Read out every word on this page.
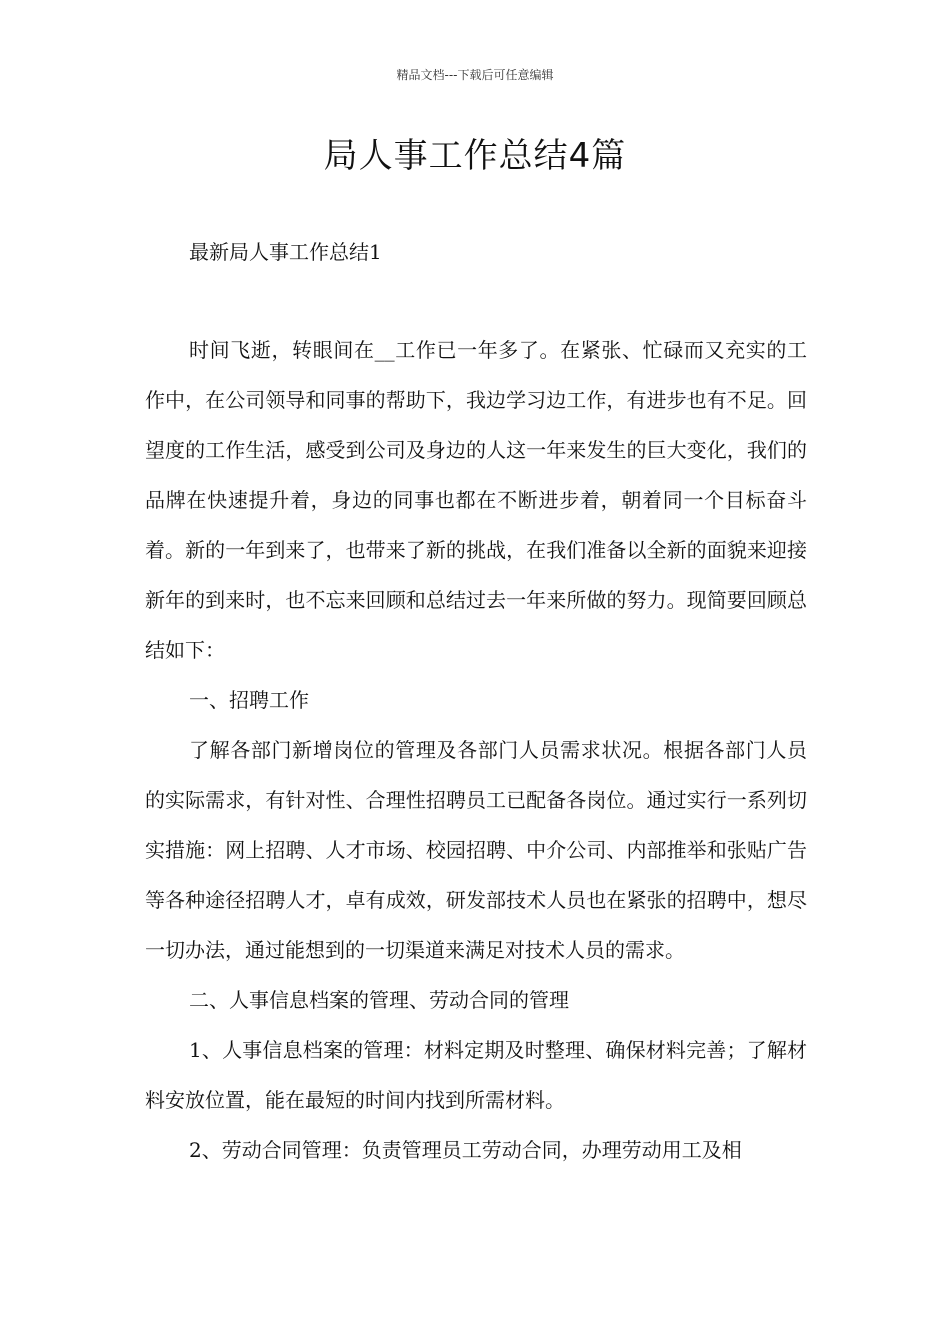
精品文档---下载后可任意编辑
局人事工作总结4篇
最新局人事工作总结1

时间飞逝，转眼间在__工作已一年多了。在紧张、忙碌而又充实的工作中，在公司领导和同事的帮助下，我边学习边工作，有进步也有不足。回望度的工作生活，感受到公司及身边的人这一年来发生的巨大变化，我们的品牌在快速提升着，身边的同事也都在不断进步着，朝着同一个目标奋斗着。新的一年到来了，也带来了新的挑战，在我们准备以全新的面貌来迎接新年的到来时，也不忘来回顾和总结过去一年来所做的努力。现简要回顾总结如下：

一、招聘工作

了解各部门新增岗位的管理及各部门人员需求状况。根据各部门人员的实际需求，有针对性、合理性招聘员工已配备各岗位。通过实行一系列切实措施：网上招聘、人才市场、校园招聘、中介公司、内部推举和张贴广告等各种途径招聘人才，卓有成效，研发部技术人员也在紧张的招聘中，想尽一切办法，通过能想到的一切渠道来满足对技术人员的需求。

二、人事信息档案的管理、劳动合同的管理

1、人事信息档案的管理：材料定期及时整理、确保材料完善；了解材料安放位置，能在最短的时间内找到所需材料。

2、劳动合同管理：负责管理员工劳动合同，办理劳动用工及相
